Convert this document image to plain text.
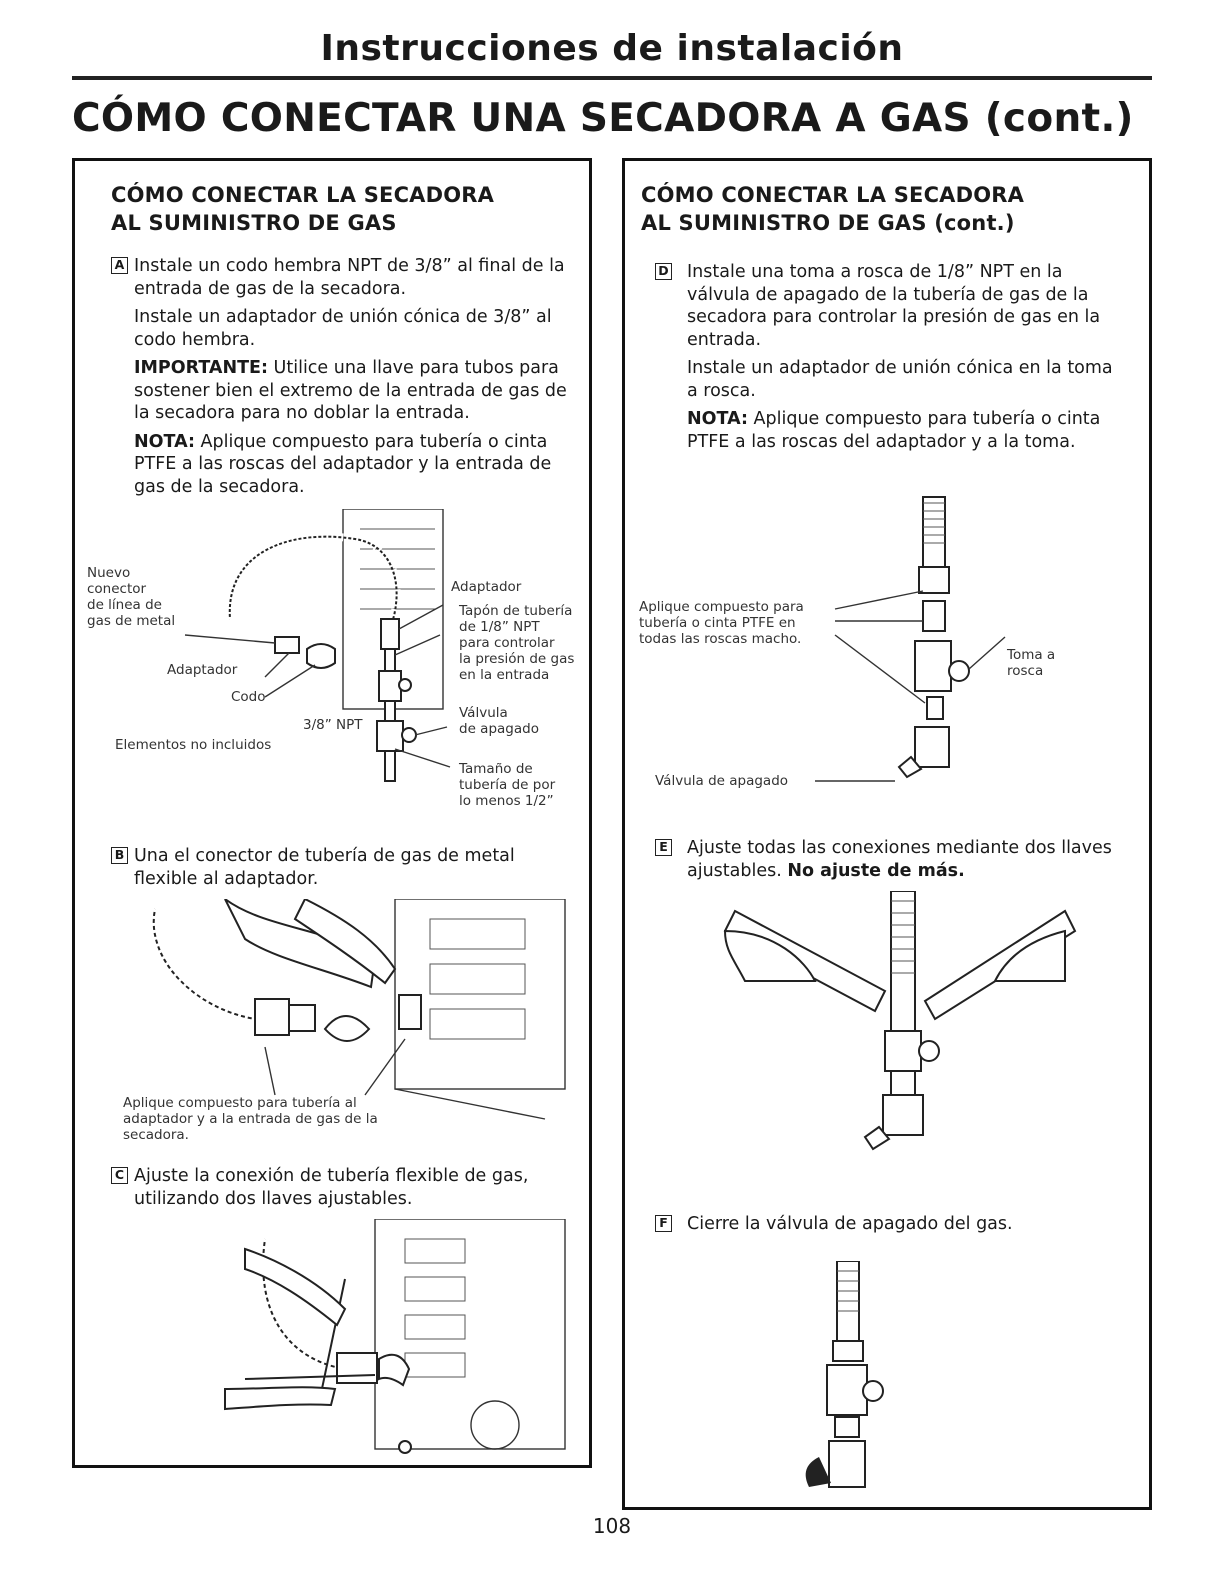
Instrucciones de instalación
CÓMO CONECTAR UNA SECADORA A GAS (cont.)
CÓMO CONECTAR LA SECADORA
AL SUMINISTRO DE GAS
A Instale un codo hembra NPT de 3/8” al final de la entrada de gas de la secadora.

Instale un adaptador de unión cónica de 3/8” al codo hembra.

IMPORTANTE: Utilice una llave para tubos para sostener bien el extremo de la entrada de gas de la secadora para no doblar la entrada.

NOTA: Aplique compuesto para tubería o cinta PTFE a las roscas del adaptador y la entrada de gas de la secadora.

Nuevo
conector
de línea de
gas de metal
Adaptador
Codo
3/8” NPT
Elementos no incluidos
Adaptador
Tapón de tubería
de 1/8” NPT
para controlar
la presión de gas
en la entrada
Válvula
de apagado
Tamaño de
tubería de por
lo menos 1/2”
B Una el conector de tubería de gas de metal flexible al adaptador.

Aplique compuesto para tubería al
adaptador y a la entrada de gas de la
secadora.
C Ajuste la conexión de tubería flexible de gas, utilizando dos llaves ajustables.

CÓMO CONECTAR LA SECADORA
AL SUMINISTRO DE GAS (cont.)
D Instale una toma a rosca de 1/8” NPT en la válvula de apagado de la tubería de gas de la secadora para controlar la presión de gas en la entrada.

Instale un adaptador de unión cónica en la toma a rosca.

NOTA: Aplique compuesto para tubería o cinta PTFE a las roscas del adaptador y a la toma.

Aplique compuesto para
tubería o cinta PTFE en
todas las roscas macho.
Toma a
rosca
Válvula de apagado
E Ajuste todas las conexiones mediante dos llaves ajustables. No ajuste de más.

F Cierre la válvula de apagado del gas.

108
